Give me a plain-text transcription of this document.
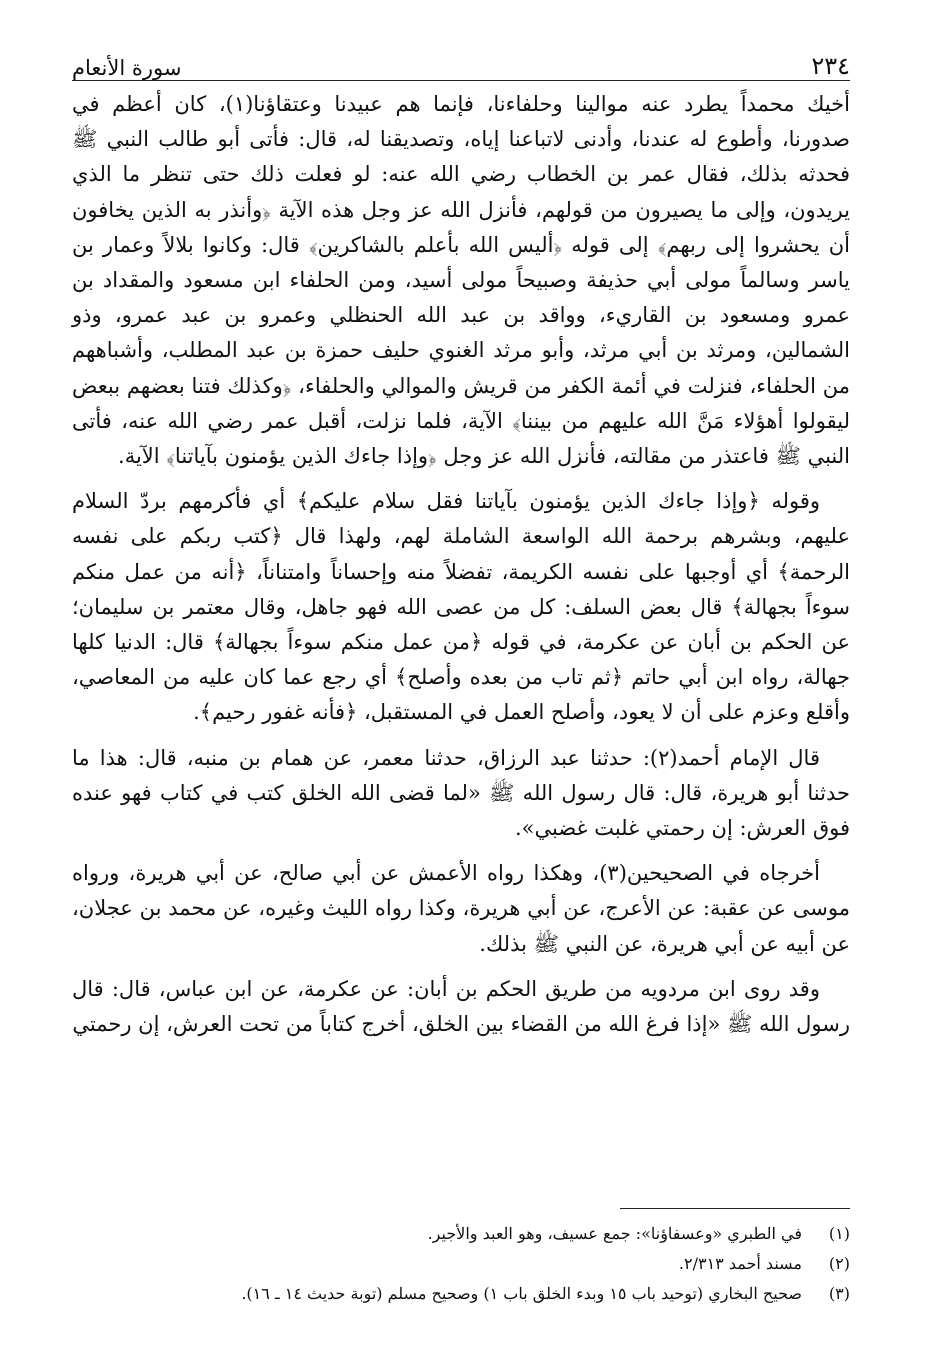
٢٣٤
سورة الأنعام

أخيك محمداً يطرد عنه موالينا وحلفاءنا، فإنما هم عبيدنا وعتقاؤنا(١)، كان أعظم في صدورنا، وأطوع له عندنا، وأدنى لاتباعنا إياه، وتصديقنا له، قال: فأتى أبو طالب النبي ﷺ فحدثه بذلك، فقال عمر بن الخطاب رضي الله عنه: لو فعلت ذلك حتى تنظر ما الذي يريدون، وإلى ما يصيرون من قولهم، فأنزل الله عز وجل هذه الآية ﴿وأنذر به الذين يخافون أن يحشروا إلى ربهم﴾ إلى قوله ﴿أليس الله بأعلم بالشاكرين﴾ قال: وكانوا بلالاً وعمار بن ياسر وسالماً مولى أبي حذيفة وصبيحاً مولى أسيد، ومن الحلفاء ابن مسعود والمقداد بن عمرو ومسعود بن القاريء، وواقد بن عبد الله الحنظلي وعمرو بن عبد عمرو، وذو الشمالين، ومرثد بن أبي مرثد، وأبو مرثد الغنوي حليف حمزة بن عبد المطلب، وأشباههم من الحلفاء، فنزلت في أئمة الكفر من قريش والموالي والحلفاء، ﴿وكذلك فتنا بعضهم ببعض ليقولوا أهؤلاء مَنَّ الله عليهم من بيننا﴾ الآية، فلما نزلت، أقبل عمر رضي الله عنه، فأتى النبي ﷺ فاعتذر من مقالته، فأنزل الله عز وجل ﴿وإذا جاءك الذين يؤمنون بآياتنا﴾ الآية.

وقوله ﴿وإذا جاءك الذين يؤمنون بآياتنا فقل سلام عليكم﴾ أي فأكرمهم بردّ السلام عليهم، وبشرهم برحمة الله الواسعة الشاملة لهم، ولهذا قال ﴿كتب ربكم على نفسه الرحمة﴾ أي أوجبها على نفسه الكريمة، تفضلاً منه وإحساناً وامتناناً، ﴿أنه من عمل منكم سوءاً بجهالة﴾ قال بعض السلف: كل من عصى الله فهو جاهل، وقال معتمر بن سليمان؛ عن الحكم بن أبان عن عكرمة، في قوله ﴿من عمل منكم سوءاً بجهالة﴾ قال: الدنيا كلها جهالة، رواه ابن أبي حاتم ﴿ثم تاب من بعده وأصلح﴾ أي رجع عما كان عليه من المعاصي، وأقلع وعزم على أن لا يعود، وأصلح العمل في المستقبل، ﴿فأنه غفور رحيم﴾.

قال الإمام أحمد(٢): حدثنا عبد الرزاق، حدثنا معمر، عن همام بن منبه، قال: هذا ما حدثنا أبو هريرة، قال: قال رسول الله ﷺ «لما قضى الله الخلق كتب في كتاب فهو عنده فوق العرش: إن رحمتي غلبت غضبي».

أخرجاه في الصحيحين(٣)، وهكذا رواه الأعمش عن أبي صالح، عن أبي هريرة، ورواه موسى عن عقبة: عن الأعرج، عن أبي هريرة، وكذا رواه الليث وغيره، عن محمد بن عجلان، عن أبيه عن أبي هريرة، عن النبي ﷺ بذلك.

وقد روى ابن مردويه من طريق الحكم بن أبان: عن عكرمة، عن ابن عباس، قال: قال رسول الله ﷺ «إذا فرغ الله من القضاء بين الخلق، أخرج كتاباً من تحت العرش، إن رحمتي

(١)
في الطبري «وعسفاؤنا»: جمع عسيف، وهو العبد والأجير.
(٢)
مسند أحمد ٢/٣١٣.
(٣)
صحيح البخاري (توحيد باب ١٥ وبدء الخلق باب ١) وصحيح مسلم (توبة حديث ١٤ ـ ١٦).
